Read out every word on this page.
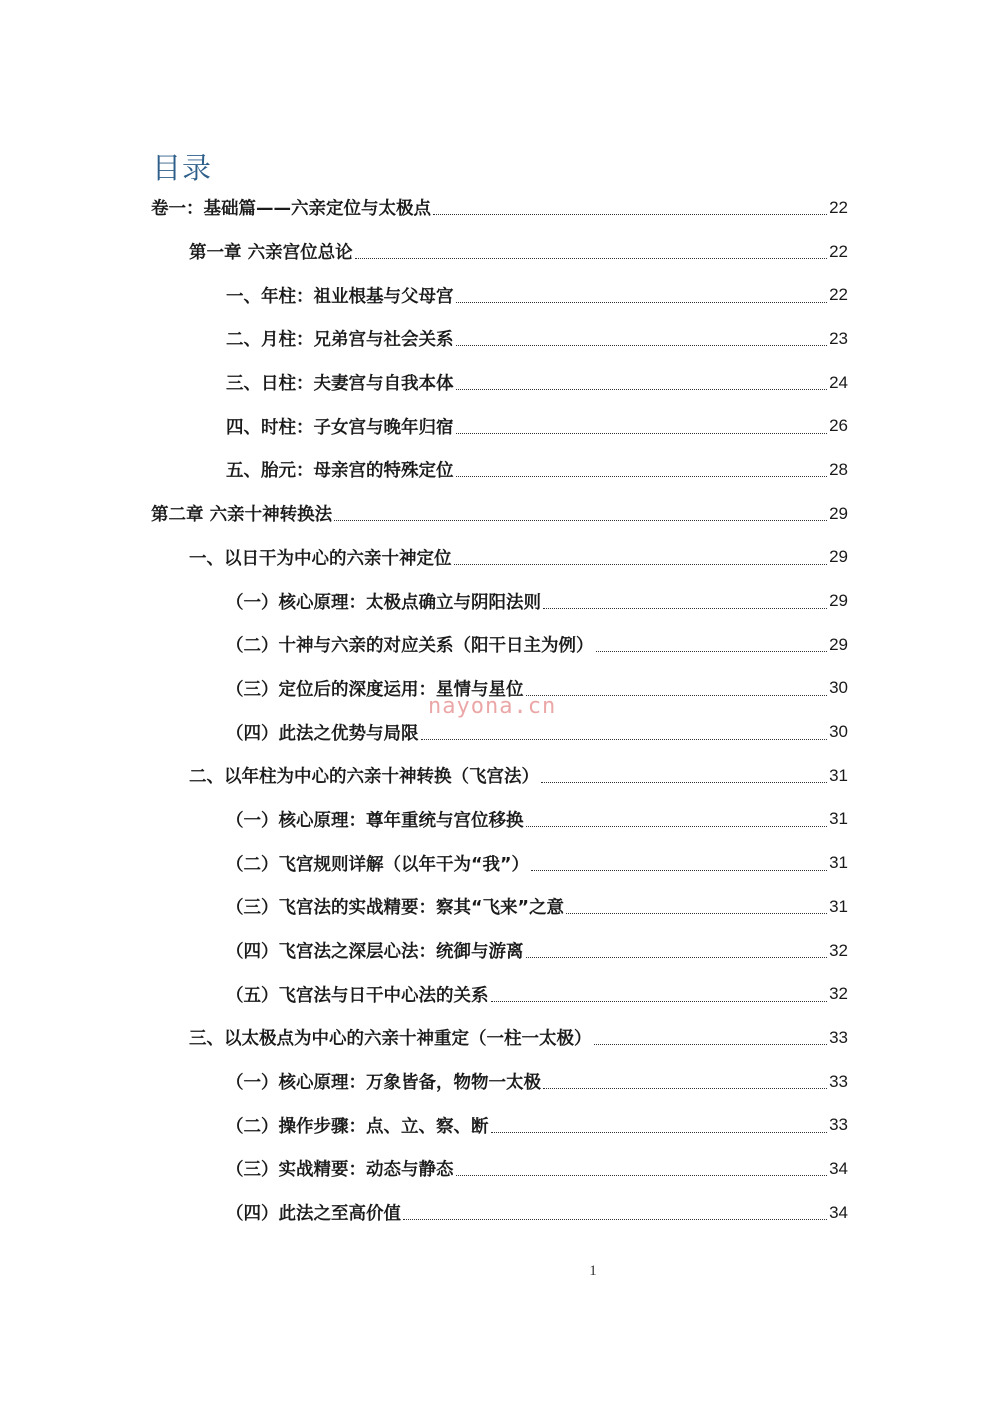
目录
卷一：基础篇——六亲定位与太极点	22
第一章 六亲宫位总论	22
一、年柱：祖业根基与父母宫	22
二、月柱：兄弟宫与社会关系	23
三、日柱：夫妻宫与自我本体	24
四、时柱：子女宫与晚年归宿	26
五、胎元：母亲宫的特殊定位	28
第二章 六亲十神转换法	29
一、以日干为中心的六亲十神定位	29
（一）核心原理：太极点确立与阴阳法则	29
（二）十神与六亲的对应关系（阳干日主为例）	29
（三）定位后的深度运用：星情与星位	30
（四）此法之优势与局限	30
二、以年柱为中心的六亲十神转换（飞宫法）	31
（一）核心原理：尊年重统与宫位移换	31
（二）飞宫规则详解（以年干为“我”）	31
（三）飞宫法的实战精要：察其“飞来”之意	31
（四）飞宫法之深层心法：统御与游离	32
（五）飞宫法与日干中心法的关系	32
三、以太极点为中心的六亲十神重定（一柱一太极）	33
（一）核心原理：万象皆备，物物一太极	33
（二）操作步骤：点、立、察、断	33
（三）实战精要：动态与静态	34
（四）此法之至高价值	34
nayona.cn
1
